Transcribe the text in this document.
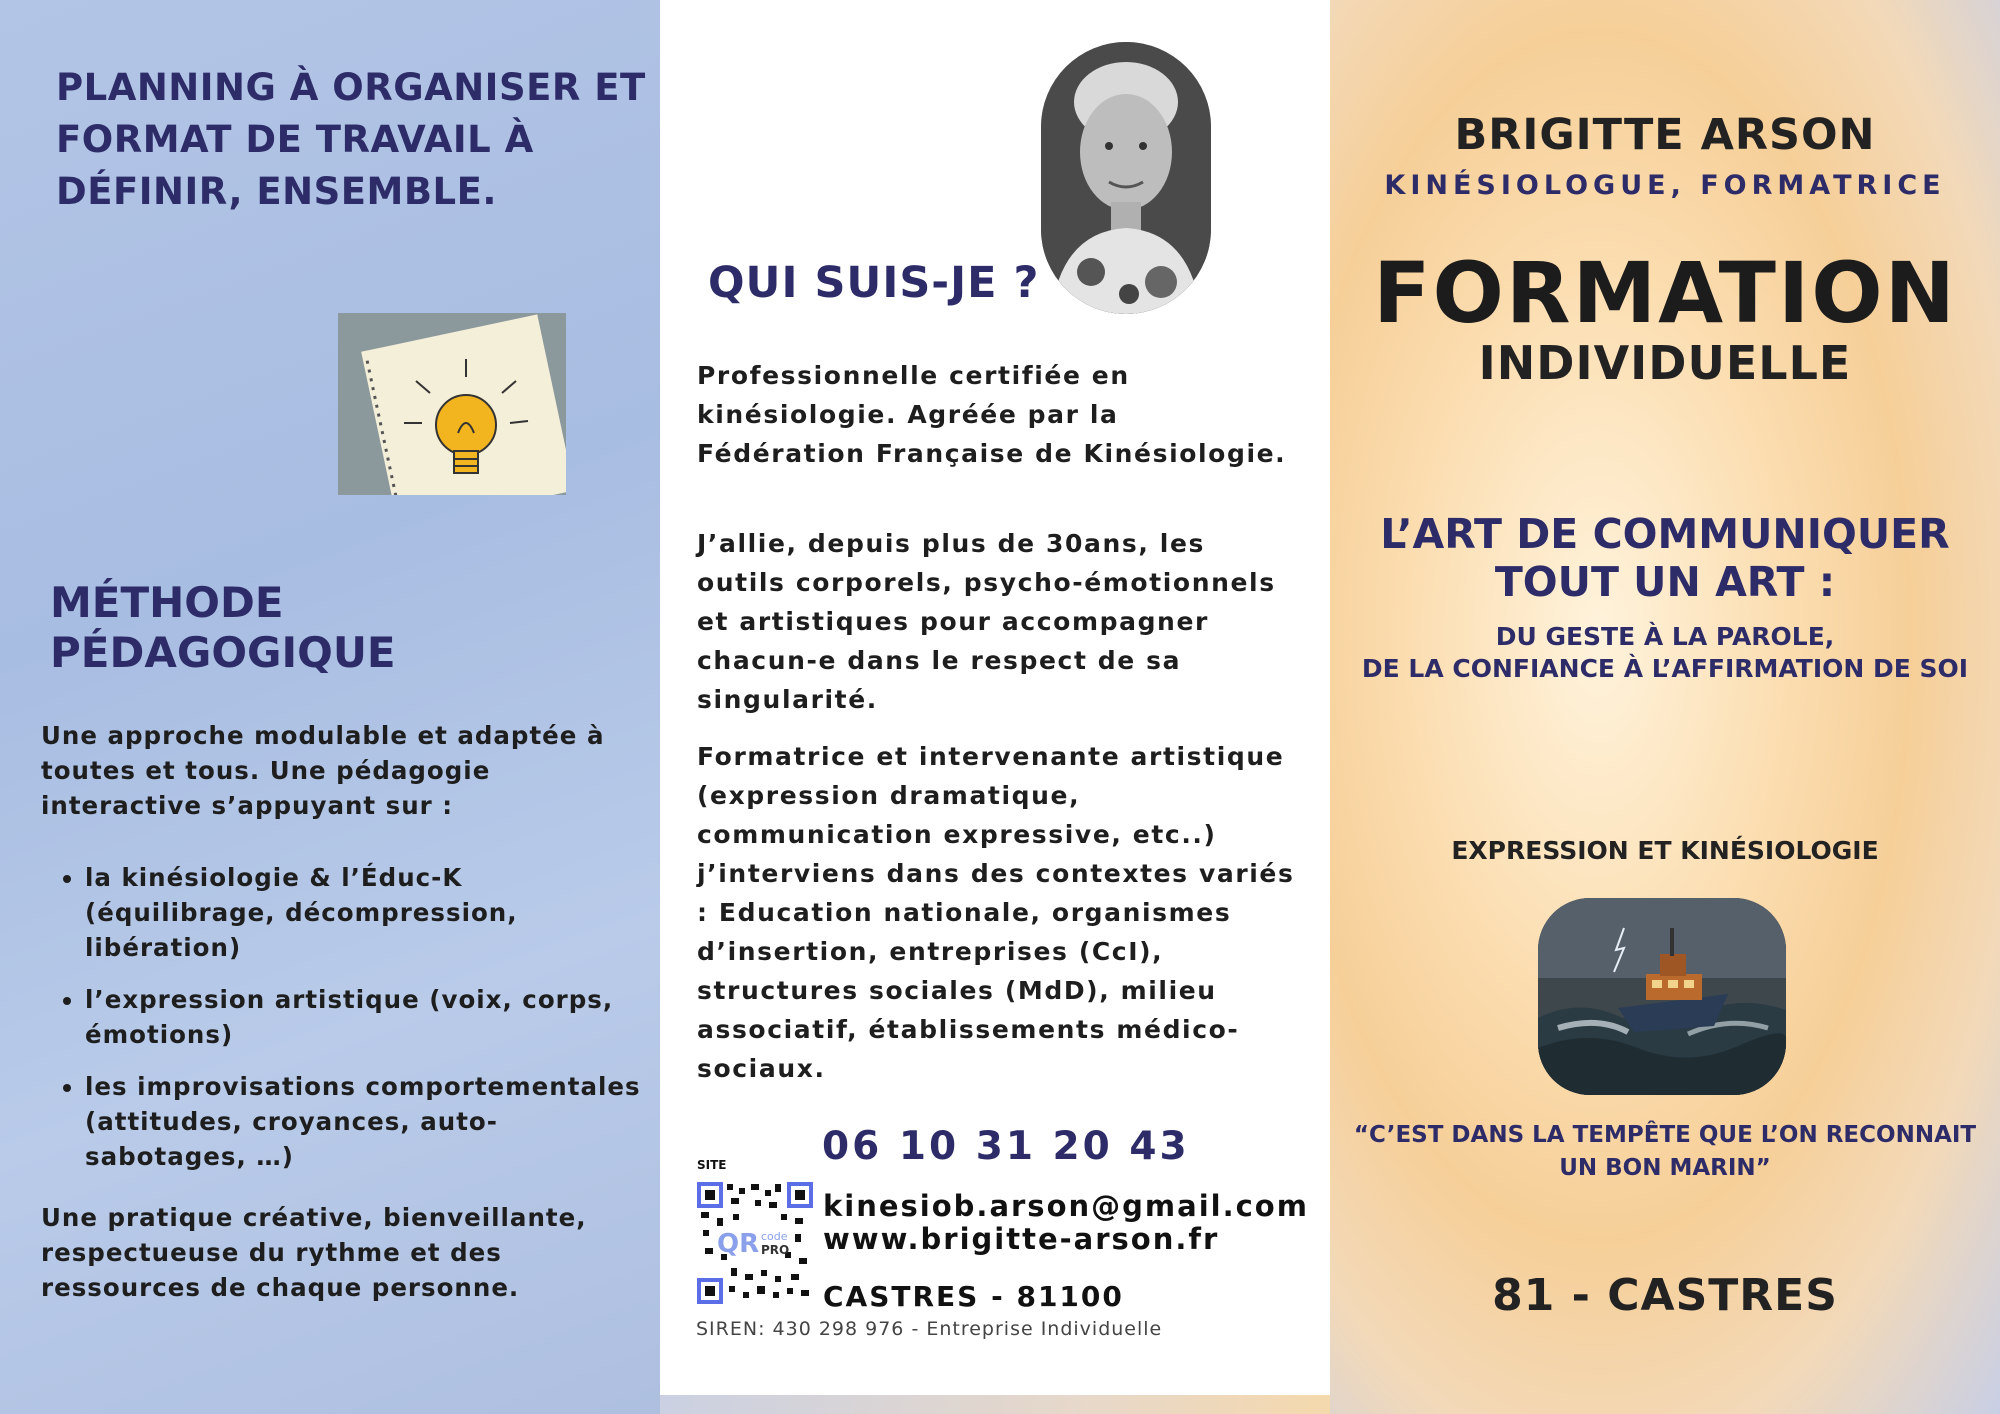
PLANNING À ORGANISER ET
FORMAT DE TRAVAIL À
DÉFINIR, ENSEMBLE.
MÉTHODE
PÉDAGOGIQUE
Une approche modulable et adaptée à toutes et tous. Une pédagogie interactive s’appuyant sur :
• la kinésiologie & l’Éduc-K (équilibrage, décompression, libération)
• l’expression artistique (voix, corps, émotions)
• les improvisations comportementales (attitudes, croyances, auto-sabotages, …)
Une pratique créative, bienveillante, respectueuse du rythme et des ressources de chaque personne.
QUI SUIS-JE ?
Professionnelle certifiée en kinésiologie. Agréée par la Fédération Française de Kinésiologie.
J’allie, depuis plus de 30ans, les outils corporels, psycho-émotionnels et artistiques pour accompagner chacun-e dans le respect de sa singularité.
Formatrice et intervenante artistique (expression dramatique, communication expressive, etc..) j’interviens dans des contextes variés : Education nationale, organismes d’insertion, entreprises (CcI), structures sociales (MdD), milieu associatif, établissements médico-sociaux.
06 10 31 20 43
SITE
QR code
PRO
kinesiob.arson@gmail.com
www.brigitte-arson.fr
CASTRES - 81100
SIREN: 430 298 976 - Entreprise Individuelle
BRIGITTE ARSON
KINÉSIOLOGUE, FORMATRICE
FORMATION
INDIVIDUELLE
L’ART DE COMMUNIQUER
TOUT UN ART :
DU GESTE À LA PAROLE,
DE LA CONFIANCE À L’AFFIRMATION DE SOI
EXPRESSION ET KINÉSIOLOGIE
“C’EST DANS LA TEMPÊTE QUE L’ON RECONNAIT
UN BON MARIN”
81 - CASTRES
